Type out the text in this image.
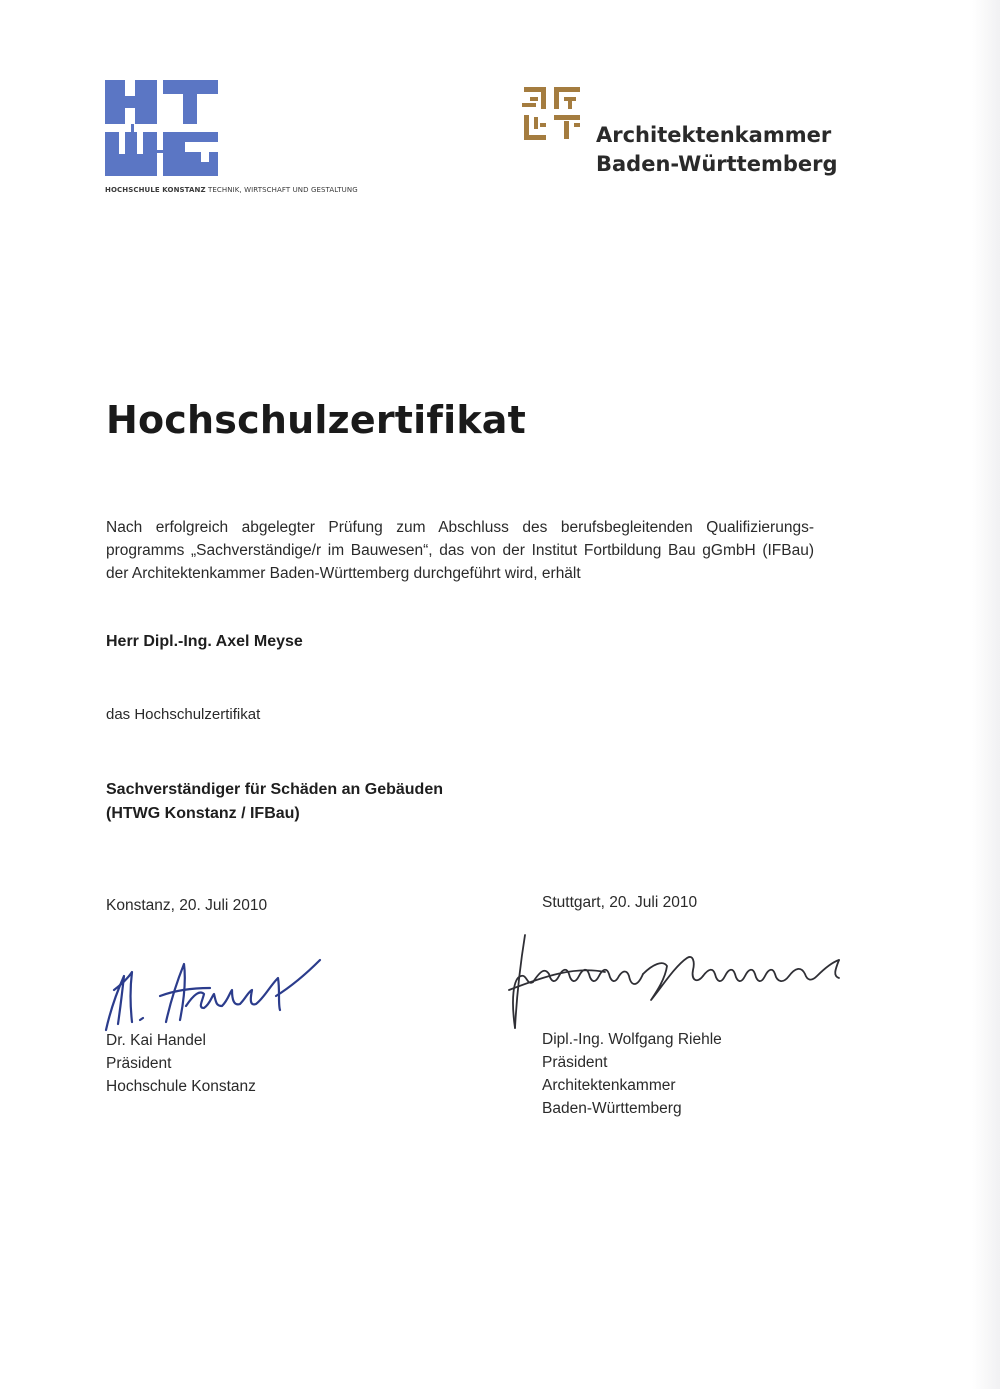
HOCHSCHULE KONSTANZ TECHNIK, WIRTSCHAFT UND GESTALTUNG
Architektenkammer
Baden-Württemberg
Hochschulzertifikat
Nach erfolgreich abgelegter Prüfung zum Abschluss des berufsbegleitenden Qualifizierungs-programms „Sachverständige/r im Bauwesen“, das von der Institut Fortbildung Bau gGmbH (IFBau) der Architektenkammer Baden-Württemberg durchgeführt wird, erhält
Herr Dipl.-Ing. Axel Meyse
das Hochschulzertifikat
Sachverständiger für Schäden an Gebäuden
(HTWG Konstanz / IFBau)
Konstanz, 20. Juli 2010	Stuttgart, 20. Juli 2010
Dr. Kai Handel
Präsident
Hochschule Konstanz
Dipl.-Ing. Wolfgang Riehle
Präsident
Architektenkammer
Baden-Württemberg
